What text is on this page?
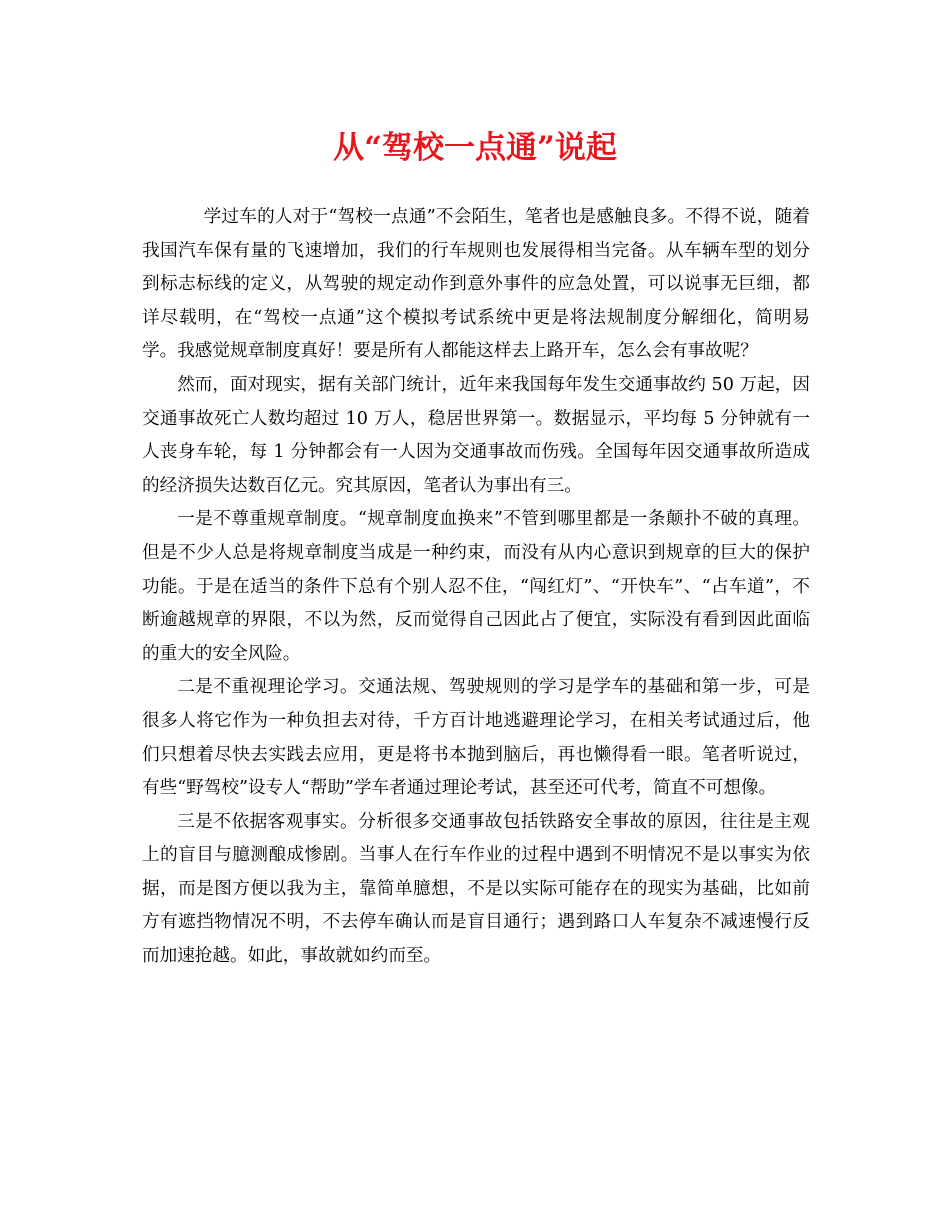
从“驾校一点通”说起

学过车的人对于“驾校一点通”不会陌生，笔者也是感触良多。不得不说，随着我国汽车保有量的飞速增加，我们的行车规则也发展得相当完备。从车辆车型的划分到标志标线的定义，从驾驶的规定动作到意外事件的应急处置，可以说事无巨细，都详尽载明，在“驾校一点通”这个模拟考试系统中更是将法规制度分解细化，简明易学。我感觉规章制度真好！要是所有人都能这样去上路开车，怎么会有事故呢？

然而，面对现实，据有关部门统计，近年来我国每年发生交通事故约 50 万起，因交通事故死亡人数均超过 10 万人，稳居世界第一。数据显示，平均每 5 分钟就有一人丧身车轮，每 1 分钟都会有一人因为交通事故而伤残。全国每年因交通事故所造成的经济损失达数百亿元。究其原因，笔者认为事出有三。

一是不尊重规章制度。“规章制度血换来”不管到哪里都是一条颠扑不破的真理。但是不少人总是将规章制度当成是一种约束，而没有从内心意识到规章的巨大的保护功能。于是在适当的条件下总有个别人忍不住，“闯红灯”、“开快车”、“占车道”，不断逾越规章的界限，不以为然，反而觉得自己因此占了便宜，实际没有看到因此面临的重大的安全风险。

二是不重视理论学习。交通法规、驾驶规则的学习是学车的基础和第一步，可是很多人将它作为一种负担去对待，千方百计地逃避理论学习，在相关考试通过后，他们只想着尽快去实践去应用，更是将书本抛到脑后，再也懒得看一眼。笔者听说过，有些“野驾校”设专人“帮助”学车者通过理论考试，甚至还可代考，简直不可想像。

三是不依据客观事实。分析很多交通事故包括铁路安全事故的原因，往往是主观上的盲目与臆测酿成惨剧。当事人在行车作业的过程中遇到不明情况不是以事实为依据，而是图方便以我为主，靠简单臆想，不是以实际可能存在的现实为基础，比如前方有遮挡物情况不明，不去停车确认而是盲目通行；遇到路口人车复杂不减速慢行反而加速抢越。如此，事故就如约而至。
